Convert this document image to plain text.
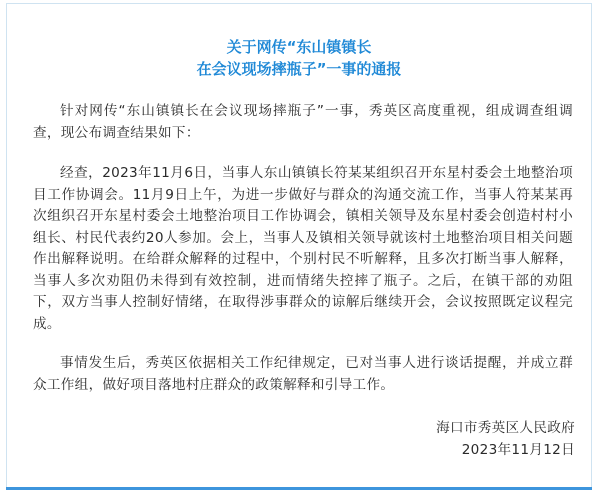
关于网传“东山镇镇长
在会议现场摔瓶子”一事的通报

针对网传“东山镇镇长在会议现场摔瓶子”一事，秀英区高度重视，组成调查组调查，现公布调查结果如下：

经查，2023年11月6日，当事人东山镇镇长符某某组织召开东星村委会土地整治项目工作协调会。11月9日上午，为进一步做好与群众的沟通交流工作，当事人符某某再次组织召开东星村委会土地整治项目工作协调会，镇相关领导及东星村委会创造村村小组长、村民代表约20人参加。会上，当事人及镇相关领导就该村土地整治项目相关问题作出解释说明。在给群众解释的过程中，个别村民不听解释，且多次打断当事人解释，当事人多次劝阻仍未得到有效控制，进而情绪失控摔了瓶子。之后，在镇干部的劝阻下，双方当事人控制好情绪，在取得涉事群众的谅解后继续开会，会议按照既定议程完成。

事情发生后，秀英区依据相关工作纪律规定，已对当事人进行谈话提醒，并成立群众工作组，做好项目落地村庄群众的政策解释和引导工作。

海口市秀英区人民政府
2023年11月12日
